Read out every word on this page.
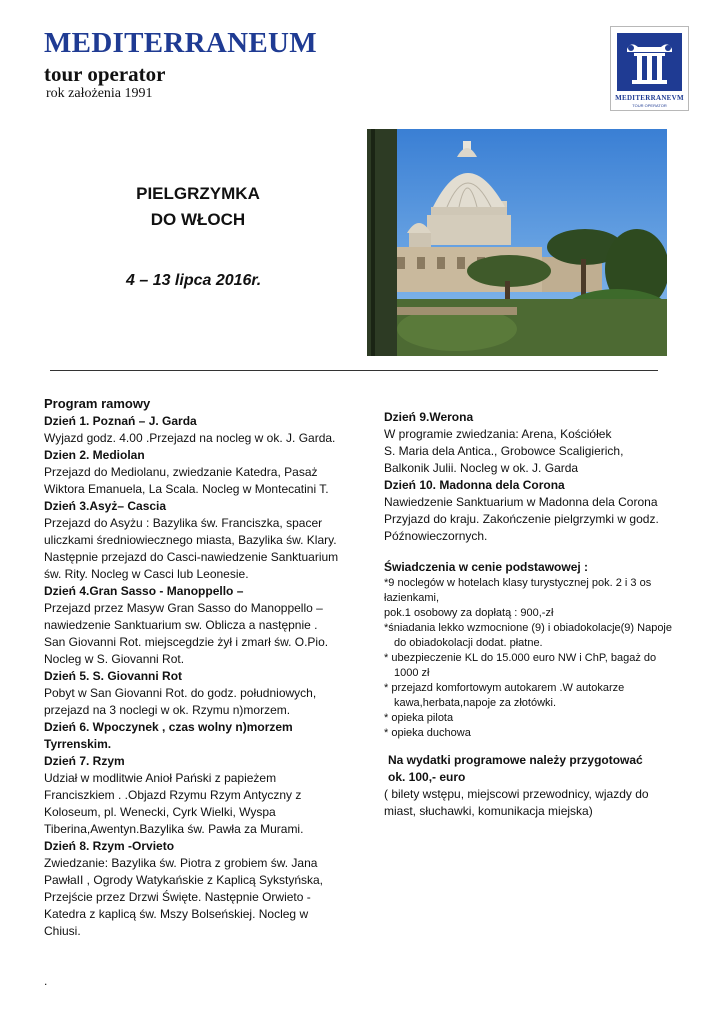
MEDITERRANEUM
tour operator
rok założenia 1991	MEDITERRANEVM
TOUR OPERATOR
PIELGRZYMKA
DO WŁOCH
4 – 13 lipca 2016r.

Program ramowy

Dzień 1. Poznań – J. Garda

Wyjazd godz. 4.00 .Przejazd na nocleg w ok. J. Garda.

Dzien 2. Mediolan

Przejazd do Mediolanu, zwiedzanie Katedra, Pasaż

Wiktora Emanuela, La Scala. Nocleg w Montecatini T.

Dzień 3.Asyż– Cascia

Przejazd do Asyżu : Bazylika św. Franciszka, spacer

uliczkami średniowiecznego miasta, Bazylika św. Klary.

Następnie przejazd do Casci-nawiedzenie Sanktuarium

św. Rity. Nocleg w Casci lub Leonesie.

Dzień 4.Gran Sasso - Manoppello –

Przejazd przez Masyw Gran Sasso do Manoppello –

nawiedzenie Sanktuarium sw. Oblicza a następnie .

San Giovanni Rot. miejscegdzie żył i zmarł św. O.Pio.

Nocleg w S. Giovanni Rot.

Dzień 5. S. Giovanni Rot

Pobyt w San Giovanni Rot. do godz. południowych,

przejazd na 3 noclegi w ok. Rzymu n)morzem.

Dzień 6. Wpoczynek , czas wolny n)morzem

Tyrrenskim.

Dzień 7. Rzym

Udział w modlitwie Anioł Pański z papieżem

Franciszkiem . .Objazd Rzymu Rzym Antyczny z

Koloseum, pl. Wenecki, Cyrk Wielki, Wyspa

Tiberina,Awentyn.Bazylika św. Pawła za Murami.

Dzień 8. Rzym -Orvieto

Zwiedzanie: Bazylika św. Piotra z grobiem św. Jana

PawłaII , Ogrody Watykańskie z Kaplicą Sykstyńska,

Przejście przez Drzwi Święte. Następnie Orwieto -

Katedra z kaplicą św. Mszy Bolseńskiej. Nocleg w

Chiusi.

Dzień 9.Werona

W programie zwiedzania: Arena, Kościółek

S. Maria dela Antica., Grobowce Scaligierich,

Balkonik Julii. Nocleg w ok. J. Garda

Dzień 10. Madonna dela Corona

Nawiedzenie Sanktuarium w Madonna dela Corona

Przyjazd do kraju. Zakończenie pielgrzymki w godz.

Późnowieczornych.

Świadczenia w cenie podstawowej :

*9 noclegów w hotelach klasy turystycznej pok. 2 i 3 os

łazienkami,

pok.1 osobowy za dopłatą : 900,-zł

*śniadania lekko wzmocnione (9) i obiadokolacje(9) Napoje

do obiadokolacji dodat. płatne.

* ubezpieczenie KL do 15.000 euro NW i ChP, bagaż do

1000 zł

* przejazd komfortowym autokarem .W autokarze

kawa,herbata,napoje za złotówki.

* opieka pilota

* opieka duchowa

Na wydatki programowe należy przygotować

ok. 100,- euro

( bilety wstępu, miejscowi przewodnicy, wjazdy do

miast, słuchawki, komunikacja miejska)

.
